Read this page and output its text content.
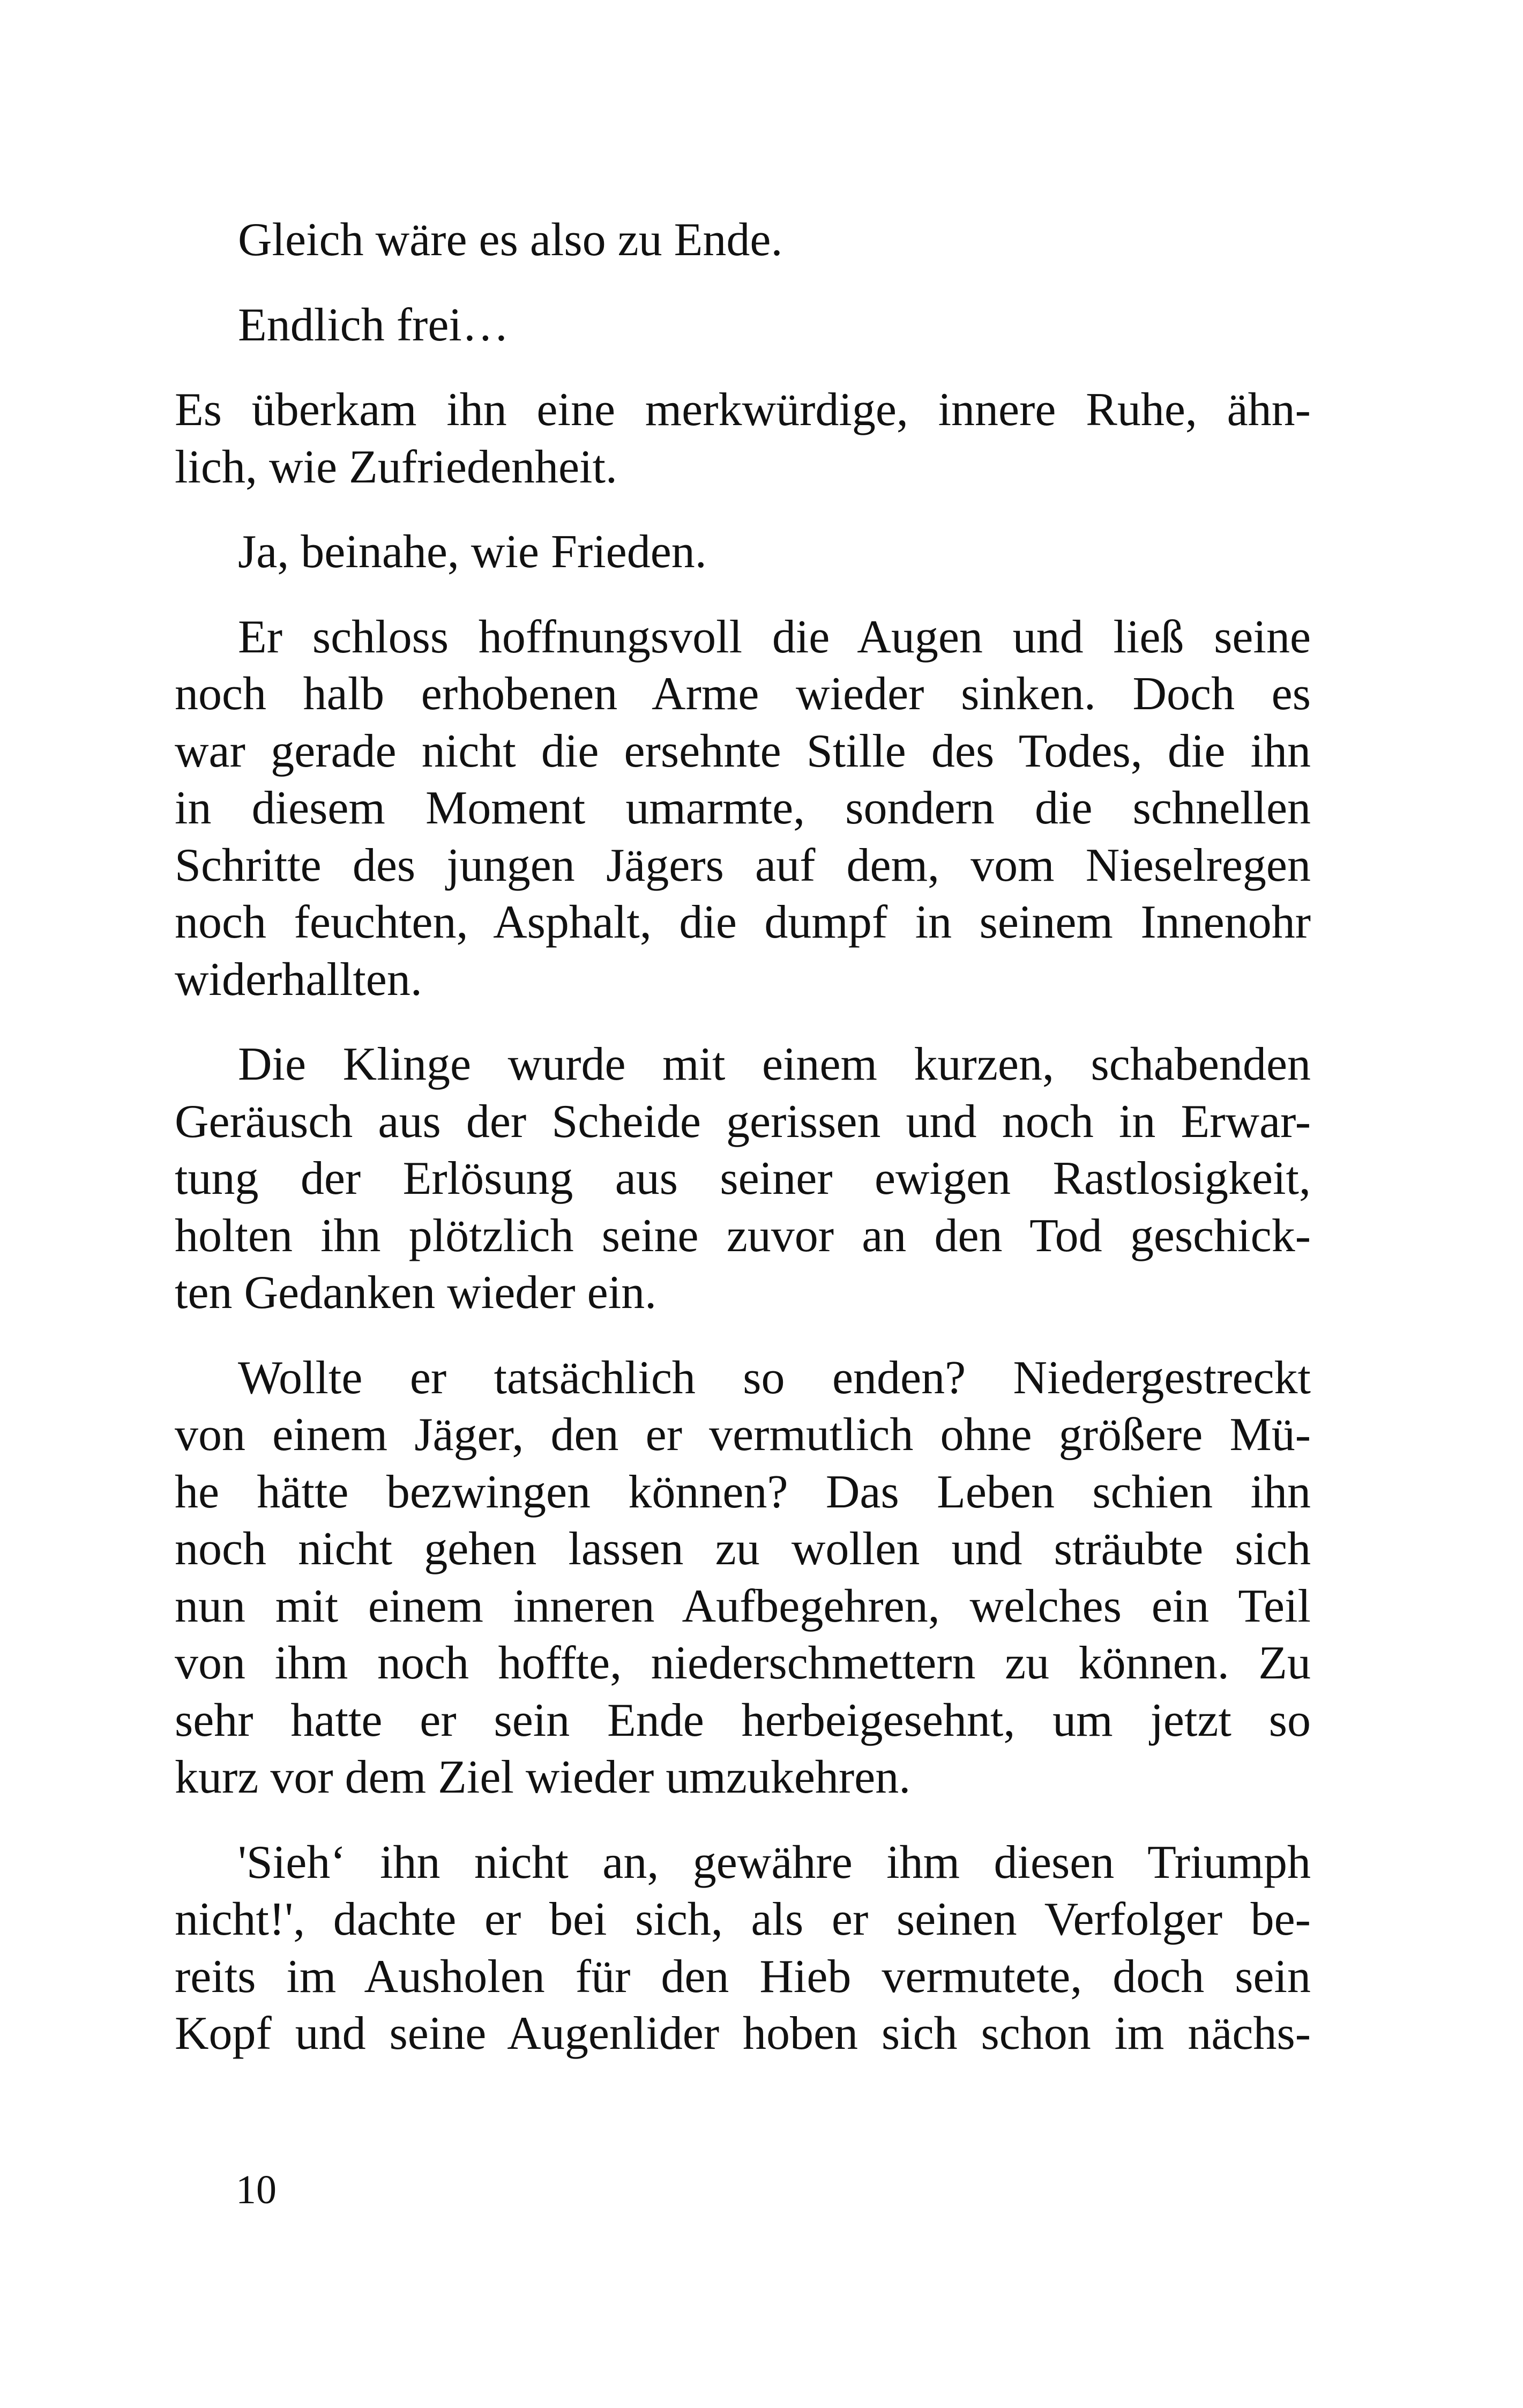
Gleich wäre es also zu Ende.
Endlich frei…
Es überkam ihn eine merkwürdige, innere Ruhe, ähn-
lich, wie Zufriedenheit.
Ja, beinahe, wie Frieden.
Er schloss hoffnungsvoll die Augen und ließ seine
noch halb erhobenen Arme wieder sinken. Doch es
war gerade nicht die ersehnte Stille des Todes, die ihn
in diesem Moment umarmte, sondern die schnellen
Schritte des jungen Jägers auf dem, vom Nieselregen
noch feuchten, Asphalt, die dumpf in seinem Innenohr
widerhallten.
Die Klinge wurde mit einem kurzen, schabenden
Geräusch aus der Scheide gerissen und noch in Erwar-
tung der Erlösung aus seiner ewigen Rastlosigkeit,
holten ihn plötzlich seine zuvor an den Tod geschick-
ten Gedanken wieder ein.
Wollte er tatsächlich so enden? Niedergestreckt
von einem Jäger, den er vermutlich ohne größere Mü-
he hätte bezwingen können? Das Leben schien ihn
noch nicht gehen lassen zu wollen und sträubte sich
nun mit einem inneren Aufbegehren, welches ein Teil
von ihm noch hoffte, niederschmettern zu können. Zu
sehr hatte er sein Ende herbeigesehnt, um jetzt so
kurz vor dem Ziel wieder umzukehren.
'Sieh‘ ihn nicht an, gewähre ihm diesen Triumph
nicht!', dachte er bei sich, als er seinen Verfolger be-
reits im Ausholen für den Hieb vermutete, doch sein
Kopf und seine Augenlider hoben sich schon im nächs-
10
